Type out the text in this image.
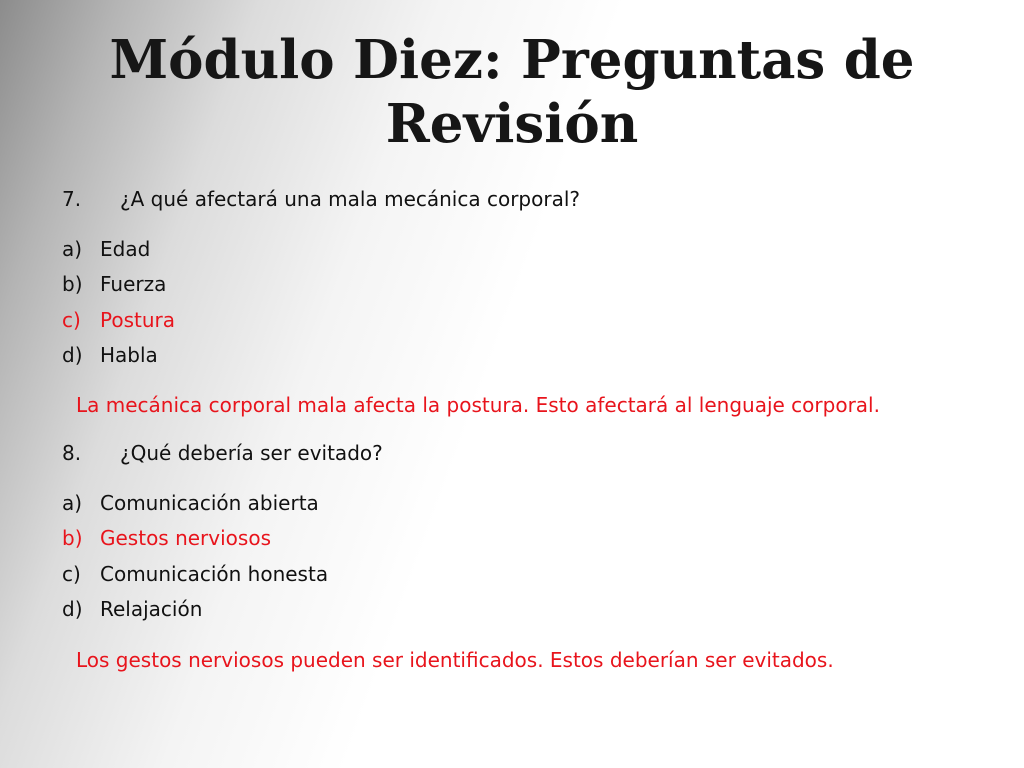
Módulo Diez: Preguntas de
Revisión
7. ¿A qué afectará una mala mecánica corporal?
a) Edad
b) Fuerza
c) Postura
d) Habla
La mecánica corporal mala afecta la postura. Esto afectará al lenguaje corporal.
8. ¿Qué debería ser evitado?
a) Comunicación abierta
b) Gestos nerviosos
c) Comunicación honesta
d) Relajación
Los gestos nerviosos pueden ser identificados. Estos deberían ser evitados.
